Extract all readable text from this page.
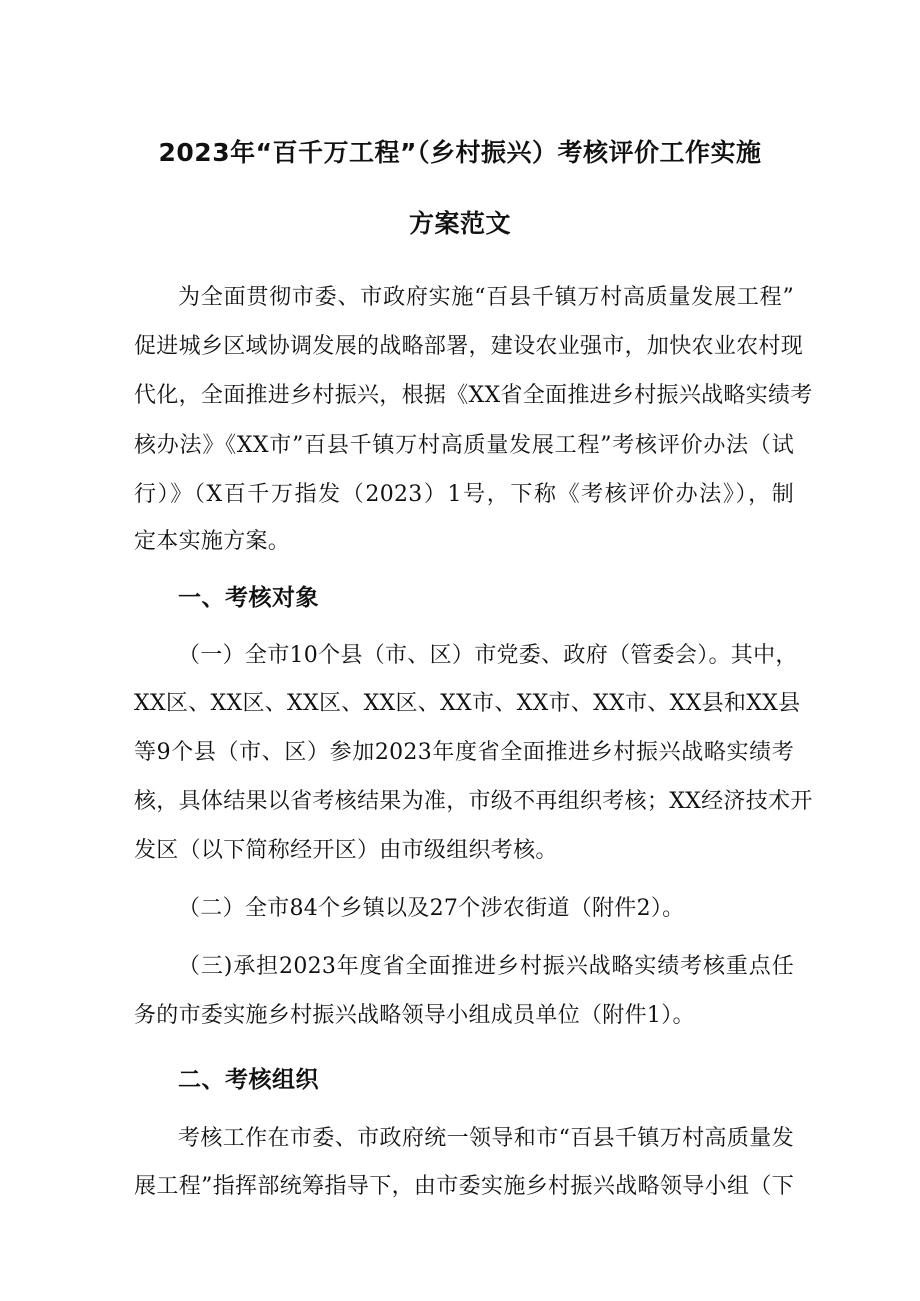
2023年“百千万工程”（乡村振兴）考核评价工作实施
方案范文
为全面贯彻市委、市政府实施“百县千镇万村高质量发展工程”
促进城乡区域协调发展的战略部署，建设农业强市，加快农业农村现
代化，全面推进乡村振兴，根据《XX省全面推进乡村振兴战略实绩考
核办法》《XX市”百县千镇万村高质量发展工程”考核评价办法（试
行）》（X百千万指发（2023）1号，下称《考核评价办法》），制
定本实施方案。
一、考核对象
（一）全市10个县（市、区）市党委、政府（管委会）。其中，
XX区、XX区、XX区、XX区、XX市、XX市、XX市、XX县和XX县
等9个县（市、区）参加2023年度省全面推进乡村振兴战略实绩考
核，具体结果以省考核结果为准，市级不再组织考核；XX经济技术开
发区（以下简称经开区）由市级组织考核。
（二）全市84个乡镇以及27个涉农街道（附件2）。
（三)承担2023年度省全面推进乡村振兴战略实绩考核重点任
务的市委实施乡村振兴战略领导小组成员单位（附件1）。
二、考核组织
考核工作在市委、市政府统一领导和市“百县千镇万村高质量发
展工程”指挥部统筹指导下，由市委实施乡村振兴战略领导小组（下
